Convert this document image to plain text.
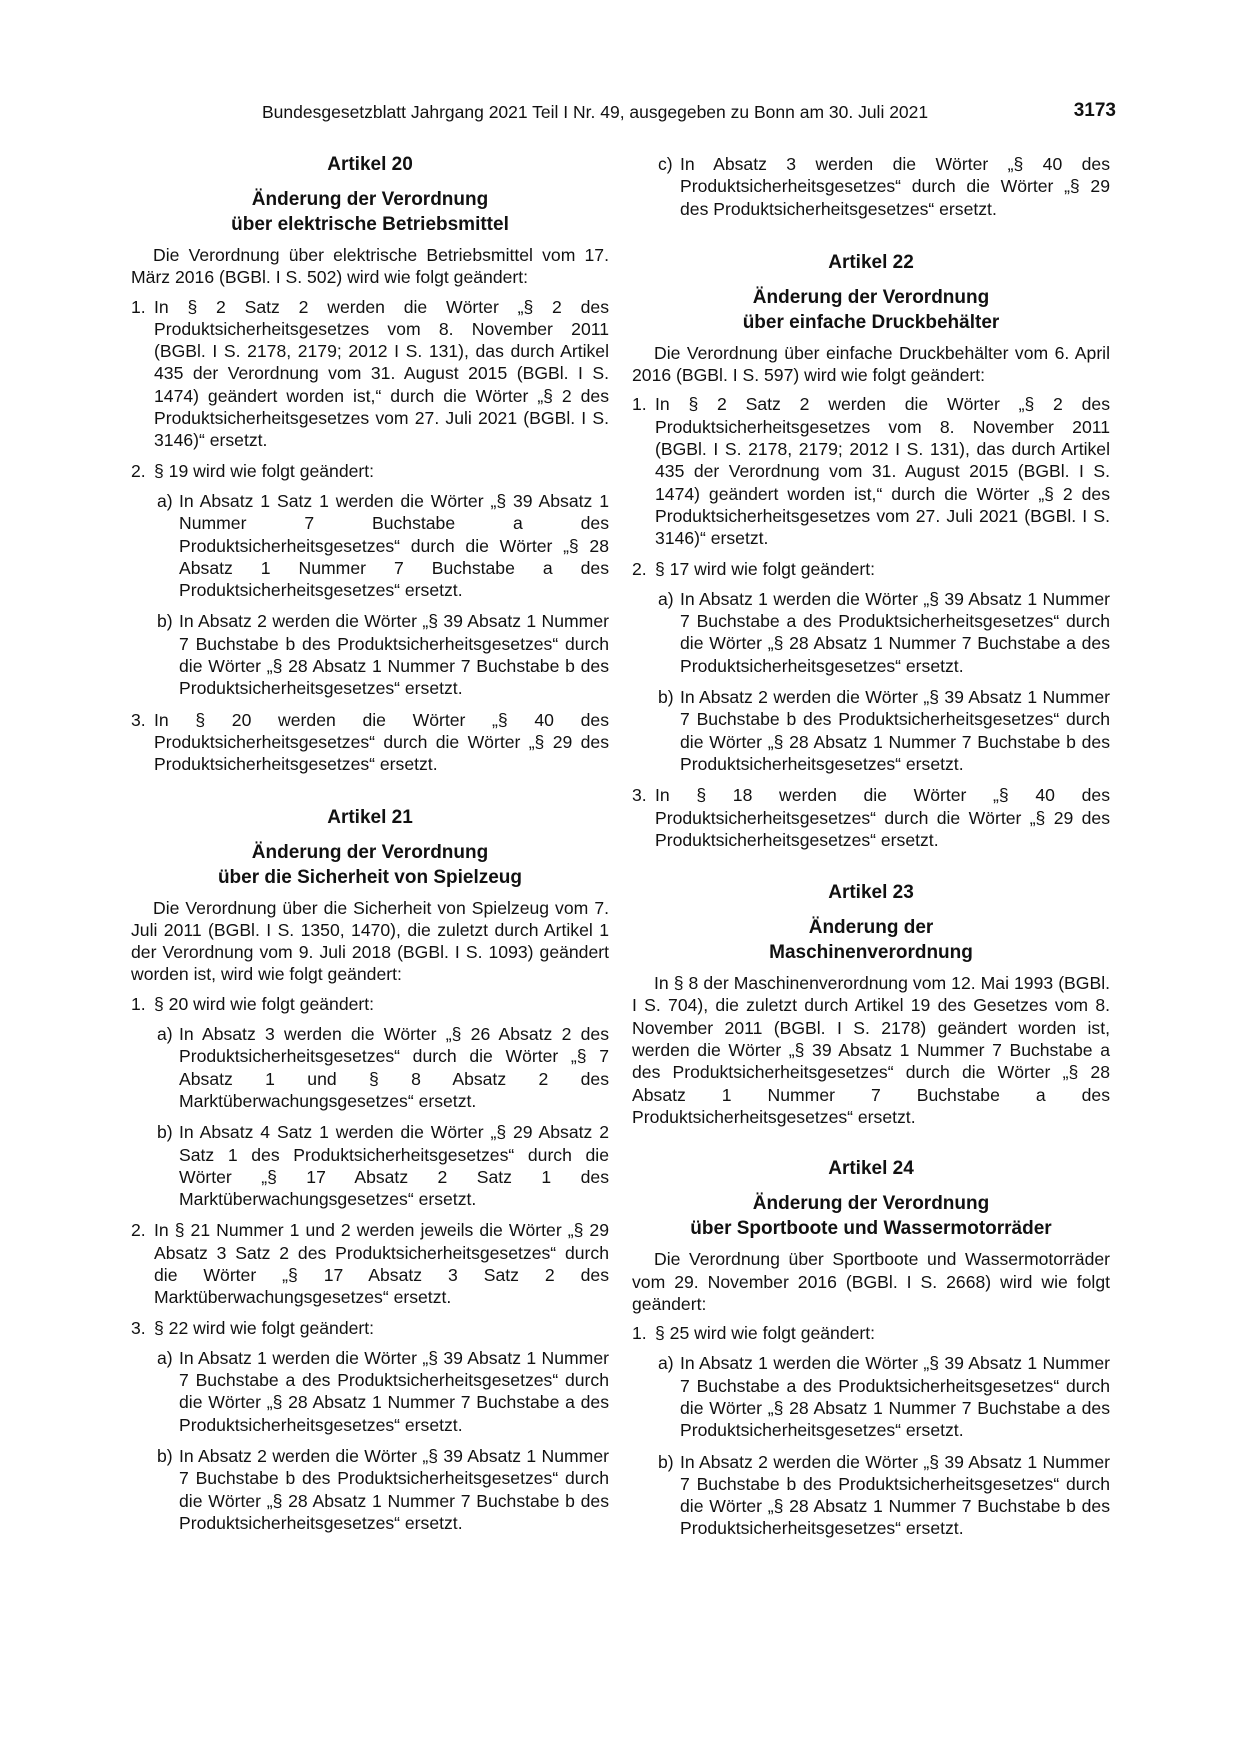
Bundesgesetzblatt Jahrgang 2021 Teil I Nr. 49, ausgegeben zu Bonn am 30. Juli 2021	3173

Artikel 20

Änderung der Verordnung
über elektrische Betriebsmittel

Die Verordnung über elektrische Betriebsmittel vom 17. März 2016 (BGBl. I S. 502) wird wie folgt geändert:

1. In § 2 Satz 2 werden die Wörter „§ 2 des Produktsicherheitsgesetzes vom 8. November 2011 (BGBl. I S. 2178, 2179; 2012 I S. 131), das durch Artikel 435 der Verordnung vom 31. August 2015 (BGBl. I S. 1474) geändert worden ist,“ durch die Wörter „§ 2 des Produktsicherheitsgesetzes vom 27. Juli 2021 (BGBl. I S. 3146)“ ersetzt.
2. § 19 wird wie folgt geändert:
a) In Absatz 1 Satz 1 werden die Wörter „§ 39 Absatz 1 Nummer 7 Buchstabe a des Produktsicherheitsgesetzes“ durch die Wörter „§ 28 Absatz 1 Nummer 7 Buchstabe a des Produktsicherheitsgesetzes“ ersetzt.
b) In Absatz 2 werden die Wörter „§ 39 Absatz 1 Nummer 7 Buchstabe b des Produktsicherheitsgesetzes“ durch die Wörter „§ 28 Absatz 1 Nummer 7 Buchstabe b des Produktsicherheitsgesetzes“ ersetzt.
3. In § 20 werden die Wörter „§ 40 des Produktsicherheitsgesetzes“ durch die Wörter „§ 29 des Produktsicherheitsgesetzes“ ersetzt.

Artikel 21

Änderung der Verordnung
über die Sicherheit von Spielzeug

Die Verordnung über die Sicherheit von Spielzeug vom 7. Juli 2011 (BGBl. I S. 1350, 1470), die zuletzt durch Artikel 1 der Verordnung vom 9. Juli 2018 (BGBl. I S. 1093) geändert worden ist, wird wie folgt geändert:

1. § 20 wird wie folgt geändert:
a) In Absatz 3 werden die Wörter „§ 26 Absatz 2 des Produktsicherheitsgesetzes“ durch die Wörter „§ 7 Absatz 1 und § 8 Absatz 2 des Marktüberwachungsgesetzes“ ersetzt.
b) In Absatz 4 Satz 1 werden die Wörter „§ 29 Absatz 2 Satz 1 des Produktsicherheitsgesetzes“ durch die Wörter „§ 17 Absatz 2 Satz 1 des Marktüberwachungsgesetzes“ ersetzt.
2. In § 21 Nummer 1 und 2 werden jeweils die Wörter „§ 29 Absatz 3 Satz 2 des Produktsicherheitsgesetzes“ durch die Wörter „§ 17 Absatz 3 Satz 2 des Marktüberwachungsgesetzes“ ersetzt.
3. § 22 wird wie folgt geändert:
a) In Absatz 1 werden die Wörter „§ 39 Absatz 1 Nummer 7 Buchstabe a des Produktsicherheitsgesetzes“ durch die Wörter „§ 28 Absatz 1 Nummer 7 Buchstabe a des Produktsicherheitsgesetzes“ ersetzt.
b) In Absatz 2 werden die Wörter „§ 39 Absatz 1 Nummer 7 Buchstabe b des Produktsicherheitsgesetzes“ durch die Wörter „§ 28 Absatz 1 Nummer 7 Buchstabe b des Produktsicherheitsgesetzes“ ersetzt.
c) In Absatz 3 werden die Wörter „§ 40 des Produktsicherheitsgesetzes“ durch die Wörter „§ 29 des Produktsicherheitsgesetzes“ ersetzt.

Artikel 22

Änderung der Verordnung
über einfache Druckbehälter

Die Verordnung über einfache Druckbehälter vom 6. April 2016 (BGBl. I S. 597) wird wie folgt geändert:

1. In § 2 Satz 2 werden die Wörter „§ 2 des Produktsicherheitsgesetzes vom 8. November 2011 (BGBl. I S. 2178, 2179; 2012 I S. 131), das durch Artikel 435 der Verordnung vom 31. August 2015 (BGBl. I S. 1474) geändert worden ist,“ durch die Wörter „§ 2 des Produktsicherheitsgesetzes vom 27. Juli 2021 (BGBl. I S. 3146)“ ersetzt.
2. § 17 wird wie folgt geändert:
a) In Absatz 1 werden die Wörter „§ 39 Absatz 1 Nummer 7 Buchstabe a des Produktsicherheitsgesetzes“ durch die Wörter „§ 28 Absatz 1 Nummer 7 Buchstabe a des Produktsicherheitsgesetzes“ ersetzt.
b) In Absatz 2 werden die Wörter „§ 39 Absatz 1 Nummer 7 Buchstabe b des Produktsicherheitsgesetzes“ durch die Wörter „§ 28 Absatz 1 Nummer 7 Buchstabe b des Produktsicherheitsgesetzes“ ersetzt.
3. In § 18 werden die Wörter „§ 40 des Produktsicherheitsgesetzes“ durch die Wörter „§ 29 des Produktsicherheitsgesetzes“ ersetzt.

Artikel 23

Änderung der
Maschinenverordnung

In § 8 der Maschinenverordnung vom 12. Mai 1993 (BGBl. I S. 704), die zuletzt durch Artikel 19 des Gesetzes vom 8. November 2011 (BGBl. I S. 2178) geändert worden ist, werden die Wörter „§ 39 Absatz 1 Nummer 7 Buchstabe a des Produktsicherheitsgesetzes“ durch die Wörter „§ 28 Absatz 1 Nummer 7 Buchstabe a des Produktsicherheitsgesetzes“ ersetzt.

Artikel 24

Änderung der Verordnung
über Sportboote und Wassermotorräder

Die Verordnung über Sportboote und Wassermotorräder vom 29. November 2016 (BGBl. I S. 2668) wird wie folgt geändert:

1. § 25 wird wie folgt geändert:
a) In Absatz 1 werden die Wörter „§ 39 Absatz 1 Nummer 7 Buchstabe a des Produktsicherheitsgesetzes“ durch die Wörter „§ 28 Absatz 1 Nummer 7 Buchstabe a des Produktsicherheitsgesetzes“ ersetzt.
b) In Absatz 2 werden die Wörter „§ 39 Absatz 1 Nummer 7 Buchstabe b des Produktsicherheitsgesetzes“ durch die Wörter „§ 28 Absatz 1 Nummer 7 Buchstabe b des Produktsicherheitsgesetzes“ ersetzt.
